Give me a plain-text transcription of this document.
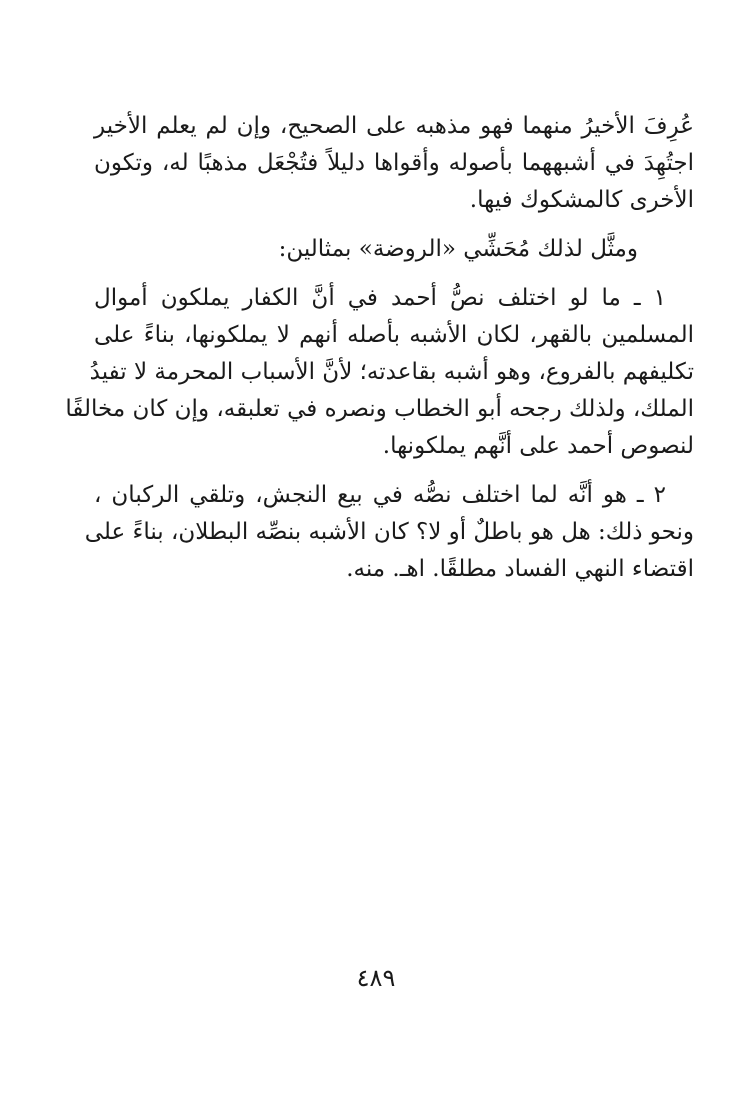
عُرِفَ الأخيرُ منهما فهو مذهبه على الصحيح، وإن لم يعلم الأخير
اجتُهِدَ في أشبههما بأصوله وأقواها دليلاً فتُجْعَل مذهبًا له، وتكون
الأخرى كالمشكوك فيها.

ومثَّل لذلك مُحَشِّي «الروضة» بمثالين:

١ ـ ما لو اختلف نصُّ أحمد في أنَّ الكفار يملكون أموال
المسلمين بالقهر، لكان الأشبه بأصله أنهم لا يملكونها، بناءً على
تكليفهم بالفروع، وهو أشبه بقاعدته؛ لأنَّ الأسباب المحرمة لا تفيدُ
الملك، ولذلك رجحه أبو الخطاب ونصره في تعلبقه، وإن كان مخالفًا
لنصوص أحمد على أنَّهم يملكونها.

٢ ـ هو أنَّه لما اختلف نصُّه في بيع النجش، وتلقي الركبان ،
ونحو ذلك: هل هو باطلٌ أو لا؟ كان الأشبه بنصِّه البطلان، بناءً على
اقتضاء النهي الفساد مطلقًا. اهـ. منه.

٤٨٩
